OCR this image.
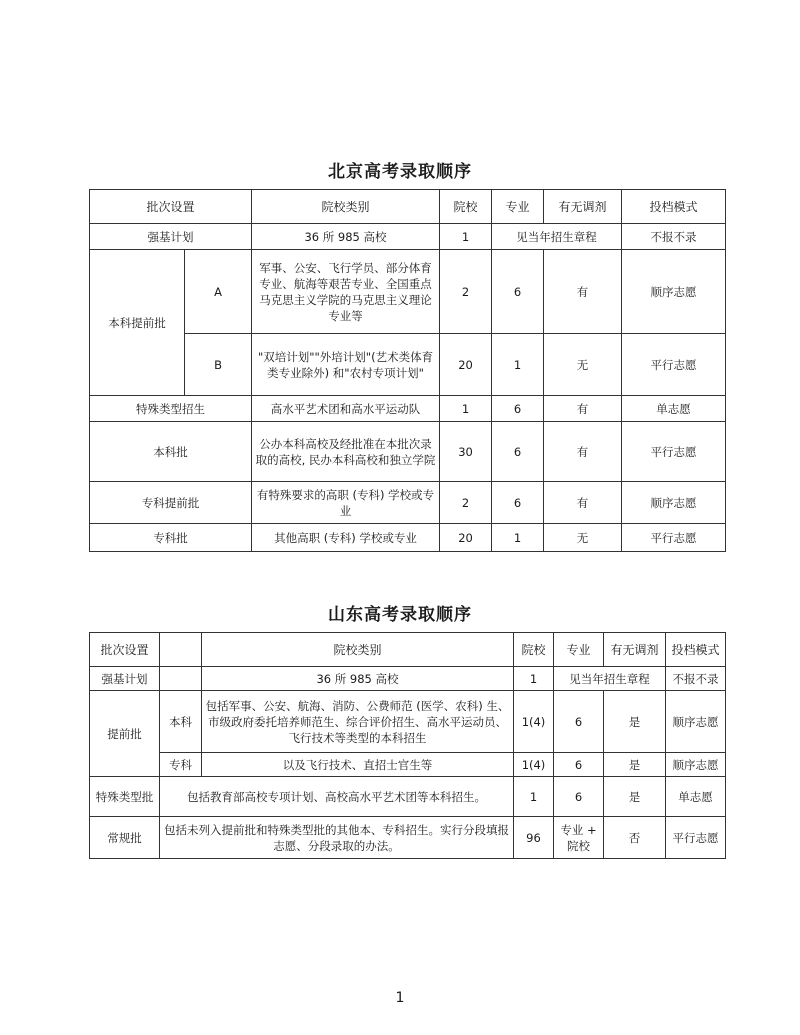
北京高考录取顺序
批次设置		院校类别	院校	专业	有无调剂	投档模式
强基计划		36 所 985 高校	1	见当年招生章程		不报不录
本科提前批	A	军事、公安、飞行学员、部分体育专业、航海等艰苦专业、全国重点马克思主义学院的马克思主义理论专业等	2	6	有	顺序志愿
	B	"双培计划""外培计划"(艺术类体育类专业除外) 和"农村专项计划"	20	1	无	平行志愿
特殊类型招生		高水平艺术团和高水平运动队	1	6	有	单志愿
本科批		公办本科高校及经批准在本批次录取的高校, 民办本科高校和独立学院	30	6	有	平行志愿
专科提前批		有特殊要求的高职 (专科) 学校或专业	2	6	有	顺序志愿
专科批		其他高职 (专科) 学校或专业	20	1	无	平行志愿
山东高考录取顺序
批次设置		院校类别	院校	专业	有无调剂	投档模式
强基计划		36 所 985 高校	1	见当年招生章程		不报不录
提前批	本科	包括军事、公安、航海、消防、公费师范 (医学、农科) 生、市级政府委托培养师范生、综合评价招生、高水平运动员、飞行技术等类型的本科招生	1(4)	6	是	顺序志愿
	专科	以及飞行技术、直招士官生等	1(4)	6	是	顺序志愿
特殊类型批	包括教育部高校专项计划、高校高水平艺术团等本科招生。		1	6	是	单志愿
常规批	包括未列入提前批和特殊类型批的其他本、专科招生。实行分段填报志愿、分段录取的办法。		96	专业 + 院校	否	平行志愿
1
